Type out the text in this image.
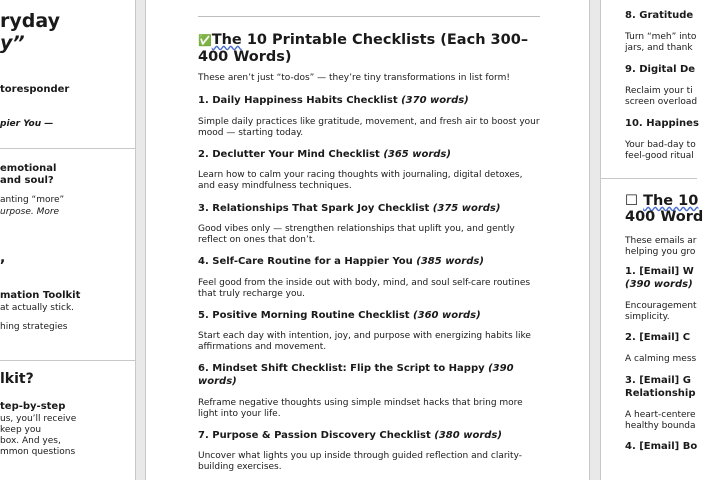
ryday
y”
toresponder
pier You —
emotional
and soul?
anting “more”
urpose. More
,
mation Toolkit
at actually stick.
hing strategies
lkit?
tep-by-step
us, you’ll receive
keep you
box. And yes,
mmon questions
✅The 10 Printable Checklists (Each 300–400 Words)
These aren’t just “to-dos” — they’re tiny transformations in list form!
1. Daily Happiness Habits Checklist (370 words)
Simple daily practices like gratitude, movement, and fresh air to boost your mood — starting today.
2. Declutter Your Mind Checklist (365 words)
Learn how to calm your racing thoughts with journaling, digital detoxes, and easy mindfulness techniques.
3. Relationships That Spark Joy Checklist (375 words)
Good vibes only — strengthen relationships that uplift you, and gently reflect on ones that don’t.
4. Self-Care Routine for a Happier You (385 words)
Feel good from the inside out with body, mind, and soul self-care routines that truly recharge you.
5. Positive Morning Routine Checklist (360 words)
Start each day with intention, joy, and purpose with energizing habits like affirmations and movement.
6. Mindset Shift Checklist: Flip the Script to Happy (390 words)
Reframe negative thoughts using simple mindset hacks that bring more light into your life.
7. Purpose & Passion Discovery Checklist (380 words)
Uncover what lights you up inside through guided reflection and clarity-building exercises.
8. Gratitude
Turn “meh” into
jars, and thank
9. Digital De
Reclaim your ti
screen overload
10. Happines
Your bad-day to
feel-good ritual
☐ The 10
400 Word
These emails ar
helping you gro
1. [Email] W
(390 words)
Encouragement
simplicity.
2. [Email] C
A calming mess
3. [Email] G
Relationship
A heart-centere
healthy bounda
4. [Email] Bo
